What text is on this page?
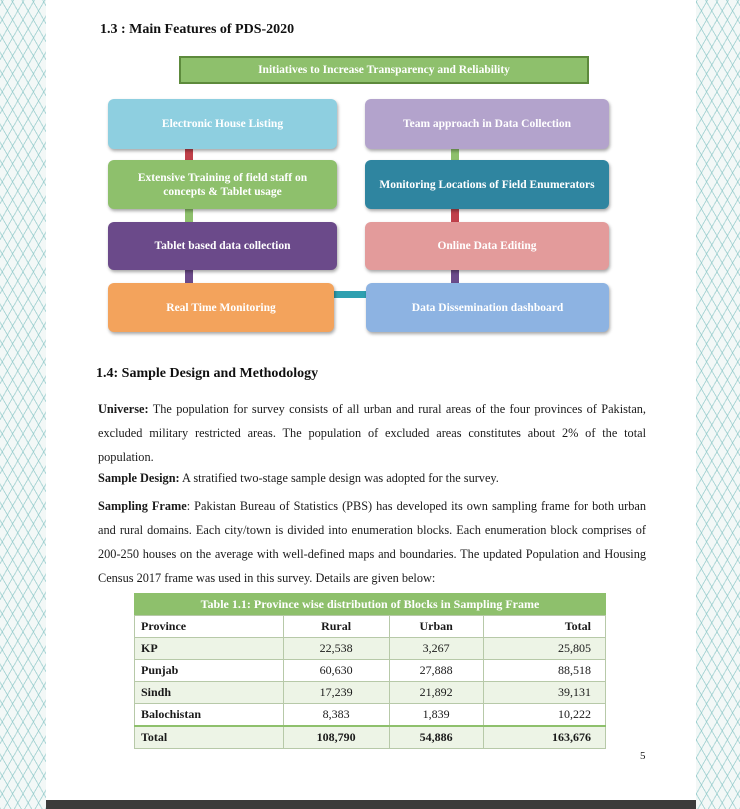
1.3 : Main Features of PDS-2020
Initiatives to Increase Transparency and Reliability
Electronic House Listing	Team approach in Data Collection
Extensive Training of field staff on concepts & Tablet usage
Monitoring Locations of Field Enumerators
Tablet based data collection	Online Data Editing
Real Time Monitoring	Data Dissemination dashboard
1.4: Sample Design and Methodology

Universe: The population for survey consists of all urban and rural areas of the four provinces of Pakistan, excluded military restricted areas. The population of excluded areas constitutes about 2% of the total population.

Sample Design: A stratified two-stage sample design was adopted for the survey.

Sampling Frame: Pakistan Bureau of Statistics (PBS) has developed its own sampling frame for both urban and rural domains. Each city/town is divided into enumeration blocks. Each enumeration block comprises of 200-250 houses on the average with well-defined maps and boundaries. The updated Population and Housing Census 2017 frame was used in this survey. Details are given below:

Table 1.1: Province wise distribution of Blocks in Sampling Frame
Province	Rural	Urban	Total
KP	22,538	3,267	25,805
Punjab	60,630	27,888	88,518
Sindh	17,239	21,892	39,131
Balochistan	8,383	1,839	10,222
Total	108,790	54,886	163,676
5
